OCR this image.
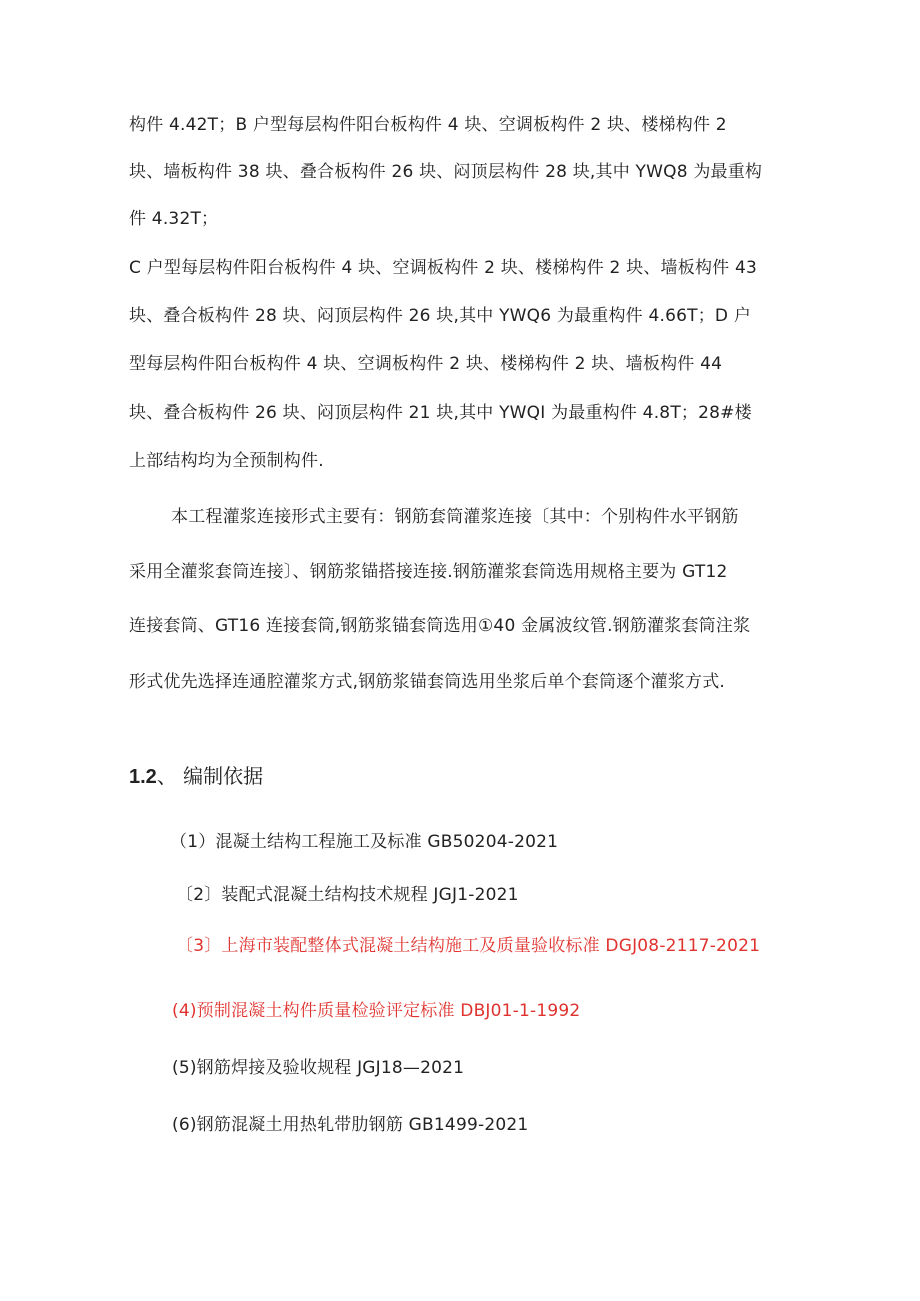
构件 4.42T；B 户型每层构件阳台板构件 4 块、空调板构件 2 块、楼梯构件 2
块、墙板构件 38 块、叠合板构件 26 块、闷顶层构件 28 块,其中 YWQ8 为最重构
件 4.32T；
C 户型每层构件阳台板构件 4 块、空调板构件 2 块、楼梯构件 2 块、墙板构件 43
块、叠合板构件 28 块、闷顶层构件 26 块,其中 YWQ6 为最重构件 4.66T；D 户
型每层构件阳台板构件 4 块、空调板构件 2 块、楼梯构件 2 块、墙板构件 44
块、叠合板构件 26 块、闷顶层构件 21 块,其中 YWQI 为最重构件 4.8T；28#楼
上部结构均为全预制构件.
本工程灌浆连接形式主要有：钢筋套筒灌浆连接〔其中：个别构件水平钢筋
采用全灌浆套筒连接〕、钢筋浆锚搭接连接.钢筋灌浆套筒选用规格主要为 GT12
连接套筒、GT16 连接套筒,钢筋浆锚套筒选用①40 金属波纹管.钢筋灌浆套筒注浆
形式优先选择连通腔灌浆方式,钢筋浆锚套筒选用坐浆后单个套筒逐个灌浆方式.
1.2、 编制依据
（1）混凝土结构工程施工及标准 GB50204-2021
〔2〕装配式混凝土结构技术规程 JGJ1-2021
〔3〕上海市装配整体式混凝土结构施工及质量验收标准 DGJ08-2117-2021
(4)预制混凝土构件质量检验评定标准 DBJ01-1-1992
(5)钢筋焊接及验收规程 JGJ18—2021
(6)钢筋混凝土用热轧带肋钢筋 GB1499-2021
